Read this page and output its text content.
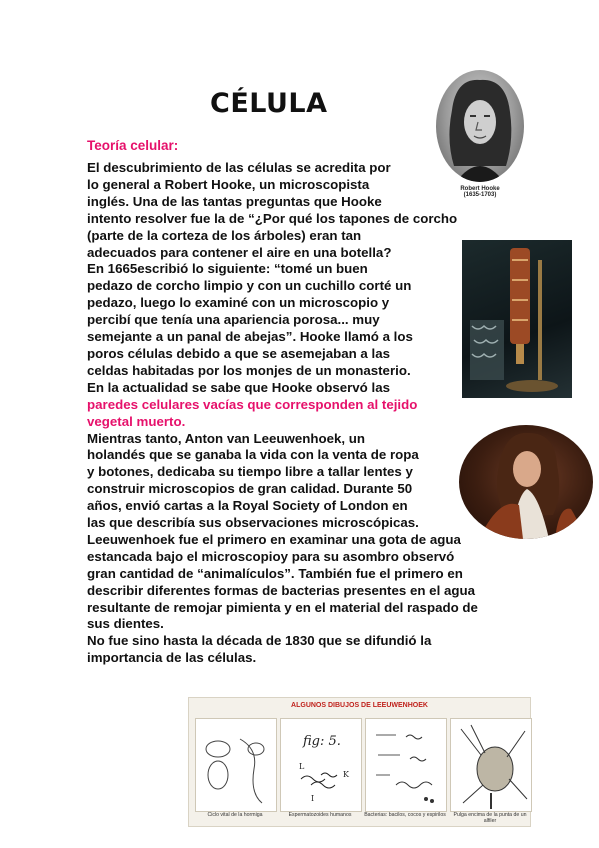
CÉLULA
Teoría celular:
El descubrimiento de las células se acredita por
lo general a Robert Hooke, un microscopista
inglés. Una de las tantas preguntas que Hooke
intento resolver fue la de “¿Por qué los tapones de corcho
(parte de la corteza de los árboles) eran tan
adecuados para contener el aire en una botella?
En 1665escribió lo siguiente: “tomé un buen
pedazo de corcho limpio y con un cuchillo corté un
pedazo, luego lo examiné con un microscopio y
percibí que tenía una apariencia porosa... muy
semejante a un panal de abejas”. Hooke llamó a los
poros células debido a que se asemejaban a las
celdas habitadas por los monjes de un monasterio.
En la actualidad se sabe que Hooke observó las
paredes celulares vacías que corresponden al tejido
vegetal muerto.
Mientras tanto, Anton van Leeuwenhoek, un
holandés que se ganaba la vida con la venta de ropa
y botones, dedicaba su tiempo libre a tallar lentes y
construir microscopios de gran calidad. Durante 50
años, envió cartas a la Royal Society of London en
las que describía sus observaciones microscópicas.
Leeuwenhoek fue el primero en examinar una gota de agua
estancada bajo el microscopioy para su asombro observó
gran cantidad de “animalículos”. También fue el primero en
describir diferentes formas de bacterias presentes en el agua
resultante de remojar pimienta y en el material del raspado de
sus dientes.
No fue sino hasta la década de 1830 que se difundió la
importancia de las células.
Robert Hooke
(1635-1703)
ALGUNOS DIBUJOS DE LEEUWENHOEK
fig: 5.
L
K
I
Ciclo vital de la hormiga	Espermatozoides humanos	Bacterias: bacilos, cocos y espirilos	Pulga encima de la punta de un alfiler
